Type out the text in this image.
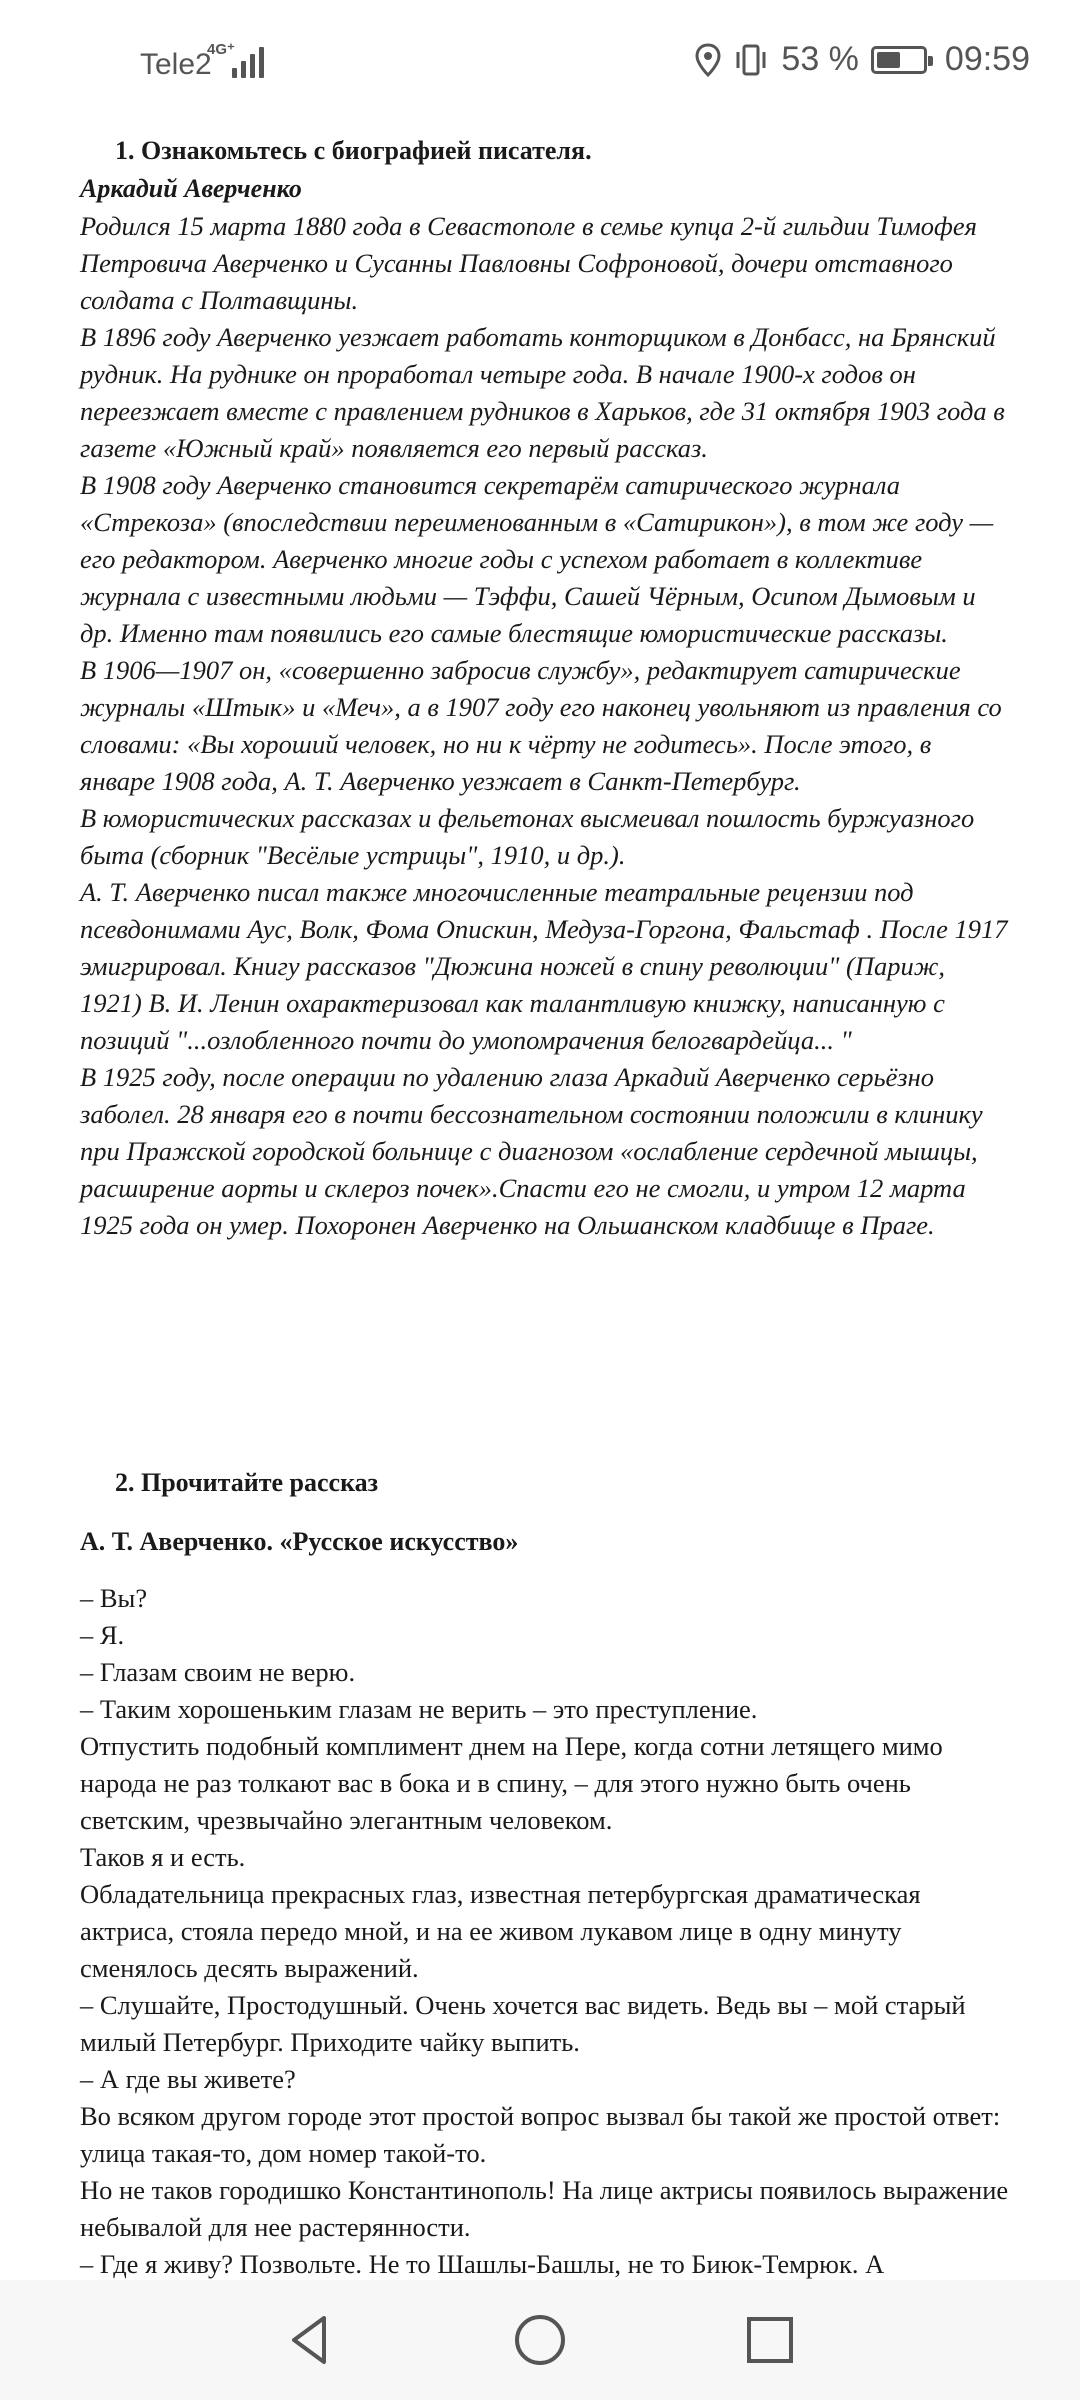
Tele2
4G⁺	53 %	09:59
1. Ознакомьтесь с биографией писателя.
Аркадий Аверченко

Родился 15 марта 1880 года в Севастополе в семье купца 2-й гильдии Тимофея Петровича Аверченко и Сусанны Павловны Софроновой, дочери отставного солдата с Полтавщины.

В 1896 году Аверченко уезжает работать конторщиком в Донбасс, на Брянский рудник. На руднике он проработал четыре года. В начале 1900-х годов он переезжает вместе с правлением рудников в Харьков, где 31 октября 1903 года в газете «Южный край» появляется его первый рассказ.

В 1908 году Аверченко становится секретарём сатирического журнала «Стрекоза» (впоследствии переименованным в «Сатирикон»), в том же году — его редактором. Аверченко многие годы с успехом работает в коллективе журнала с известными людьми — Тэффи, Сашей Чёрным, Осипом Дымовым и др. Именно там появились его самые блестящие юмористические рассказы.

В 1906—1907 он, «совершенно забросив службу», редактирует сатирические журналы «Штык» и «Меч», а в 1907 году его наконец увольняют из правления со словами: «Вы хороший человек, но ни к чёрту не годитесь». После этого, в январе 1908 года, А. Т. Аверченко уезжает в Санкт-Петербург.

В юмористических рассказах и фельетонах высмеивал пошлость буржуазного быта (сборник "Весёлые устрицы", 1910, и др.).

А. Т. Аверченко писал также многочисленные театральные рецензии под псевдонимами Аус, Волк, Фома Опискин, Медуза-Горгона, Фальстаф . После 1917 эмигрировал. Книгу рассказов "Дюжина ножей в спину революции" (Париж, 1921) В. И. Ленин охарактеризовал как талантливую книжку, написанную с позиций "...озлобленного почти до умопомрачения белогвардейца... "

В 1925 году, после операции по удалению глаза Аркадий Аверченко серьёзно заболел. 28 января его в почти бессознательном состоянии положили в клинику при Пражской городской больнице с диагнозом «ослабление сердечной мышцы, расширение аорты и склероз почек».Спасти его не смогли, и утром 12 марта 1925 года он умер. Похоронен Аверченко на Ольшанском кладбище в Праге.

2. Прочитайте рассказ
А. Т. Аверченко. «Русское искусство»

– Вы?

– Я.

– Глазам своим не верю.

– Таким хорошеньким глазам не верить – это преступление.

Отпустить подобный комплимент днем на Пере, когда сотни летящего мимо народа не раз толкают вас в бока и в спину, – для этого нужно быть очень светским, чрезвычайно элегантным человеком.

Таков я и есть.

Обладательница прекрасных глаз, известная петербургская драматическая актриса, стояла передо мной, и на ее живом лукавом лице в одну минуту сменялось десять выражений.

– Слушайте, Простодушный. Очень хочется вас видеть. Ведь вы – мой старый милый Петербург. Приходите чайку выпить.

– А где вы живете?

Во всяком другом городе этот простой вопрос вызвал бы такой же простой ответ: улица такая-то, дом номер такой-то.

Но не таков городишко Константинополь! На лице актрисы появилось выражение небывалой для нее растерянности.

– Где я живу? Позвольте. Не то Шашлы-Башлы, не то Биюк-Темрюк. А
